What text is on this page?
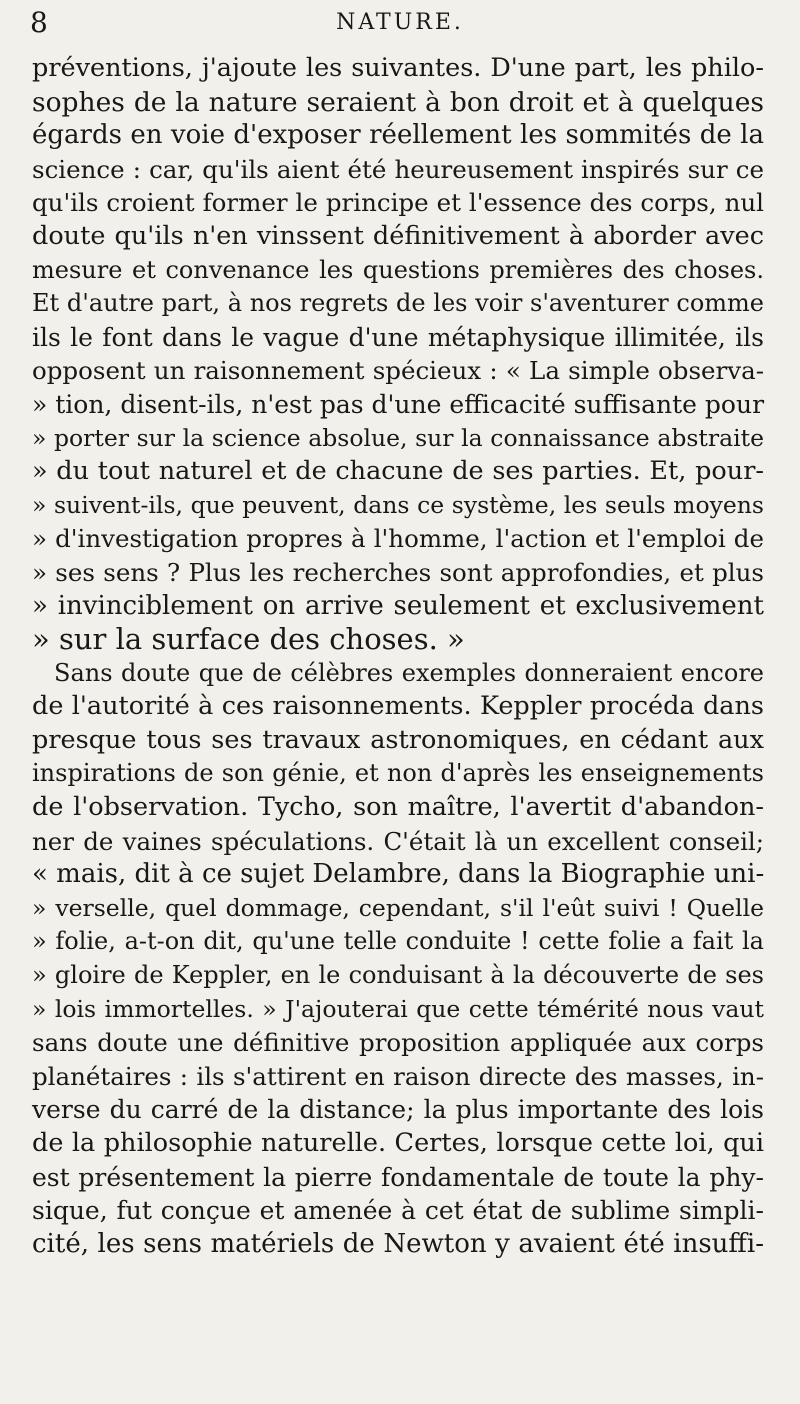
8	NATURE.
préventions, j'ajoute les suivantes. D'une part, les philo-
sophes de la nature seraient à bon droit et à quelques
égards en voie d'exposer réellement les sommités de la
science : car, qu'ils aient été heureusement inspirés sur ce
qu'ils croient former le principe et l'essence des corps, nul
doute qu'ils n'en vinssent définitivement à aborder avec
mesure et convenance les questions premières des choses.
Et d'autre part, à nos regrets de les voir s'aventurer comme
ils le font dans le vague d'une métaphysique illimitée, ils
opposent un raisonnement spécieux : « La simple observa-
» tion, disent-ils, n'est pas d'une efficacité suffisante pour
» porter sur la science absolue, sur la connaissance abstraite
» du tout naturel et de chacune de ses parties. Et, pour-
» suivent-ils, que peuvent, dans ce système, les seuls moyens
» d'investigation propres à l'homme, l'action et l'emploi de
» ses sens ? Plus les recherches sont approfondies, et plus
» invinciblement on arrive seulement et exclusivement
» sur la surface des choses. »
Sans doute que de célèbres exemples donneraient encore
de l'autorité à ces raisonnements. Keppler procéda dans
presque tous ses travaux astronomiques, en cédant aux
inspirations de son génie, et non d'après les enseignements
de l'observation. Tycho, son maître, l'avertit d'abandon-
ner de vaines spéculations. C'était là un excellent conseil;
« mais, dit à ce sujet Delambre, dans la Biographie uni-
» verselle, quel dommage, cependant, s'il l'eût suivi ! Quelle
» folie, a-t-on dit, qu'une telle conduite ! cette folie a fait la
» gloire de Keppler, en le conduisant à la découverte de ses
» lois immortelles. » J'ajouterai que cette témérité nous vaut
sans doute une définitive proposition appliquée aux corps
planétaires : ils s'attirent en raison directe des masses, in-
verse du carré de la distance; la plus importante des lois
de la philosophie naturelle. Certes, lorsque cette loi, qui
est présentement la pierre fondamentale de toute la phy-
sique, fut conçue et amenée à cet état de sublime simpli-
cité, les sens matériels de Newton y avaient été insuffi-
